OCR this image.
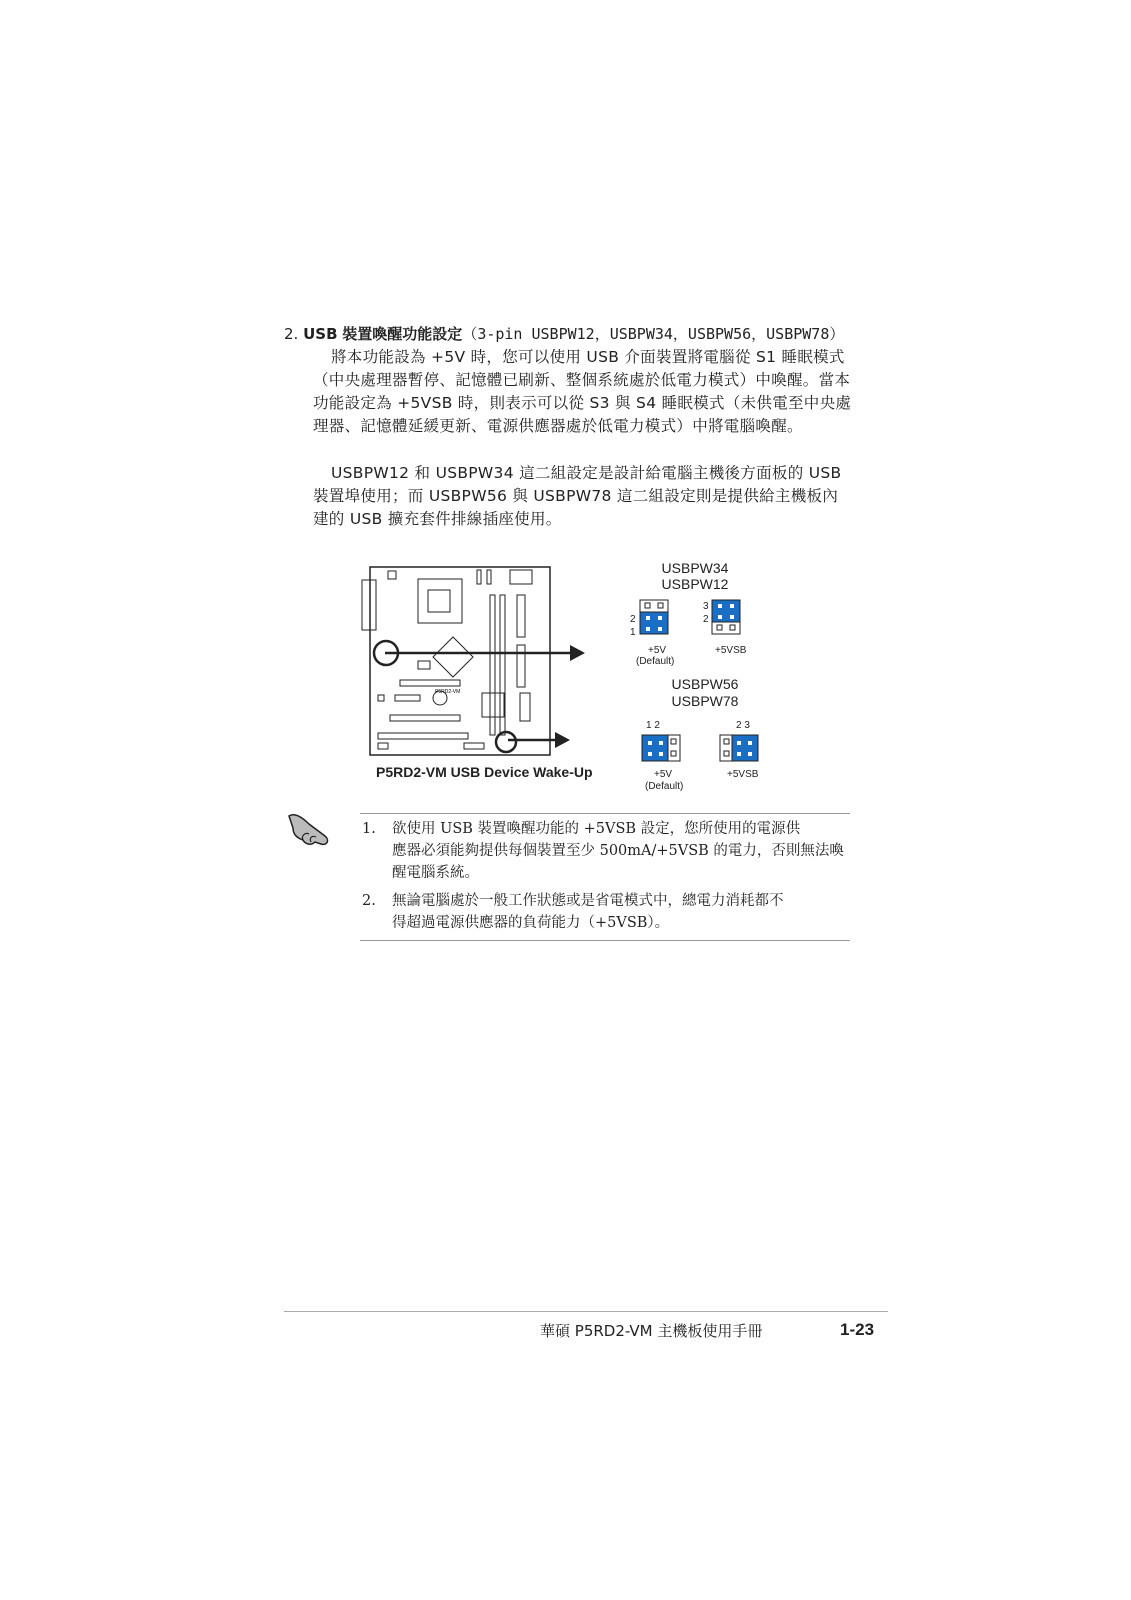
2. USB 裝置喚醒功能設定（3-pin USBPW12，USBPW34，USBPW56，USBPW78）
將本功能設為 +5V 時，您可以使用 USB 介面裝置將電腦從 S1 睡眠模式（中央處理器暫停、記憶體已刷新、整個系統處於低電力模式）中喚醒。當本功能設定為 +5VSB 時，則表示可以從 S3 與 S4 睡眠模式（未供電至中央處理器、記憶體延緩更新、電源供應器處於低電力模式）中將電腦喚醒。
USBPW12 和 USBPW34 這二組設定是設計給電腦主機後方面板的 USB 裝置埠使用；而 USBPW56 與 USBPW78 這二組設定則是提供給主機板內建的 USB 擴充套件排線插座使用。
P5RD2-VM
P5RD2-VM USB Device Wake-Up
USBPW34
USBPW12
2
1
3
2
+5V
(Default)
+5VSB
USBPW56
USBPW78
1 2	2 3
+5V
(Default)
+5VSB
1. 欲使用 USB 裝置喚醒功能的 +5VSB 設定，您所使用的電源供
應器必須能夠提供每個裝置至少 500mA/+5VSB 的電力，否則無法喚醒電腦系統。
2. 無論電腦處於一般工作狀態或是省電模式中，總電力消耗都不
得超過電源供應器的負荷能力（+5VSB）。
華碩 P5RD2-VM 主機板使用手冊	1-23
